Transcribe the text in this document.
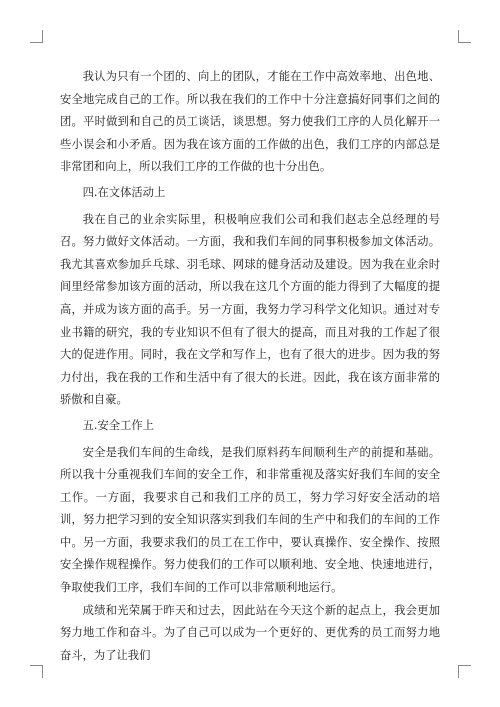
我认为只有一个团的、向上的团队，才能在工作中高效率地、出色地、安全地完成自己的工作。所以我在我们的工作中十分注意搞好同事们之间的团。平时做到和自己的员工谈话，谈思想。努力使我们工序的人员化解开一些小误会和小矛盾。因为我在该方面的工作做的出色，我们工序的内部总是非常团和向上，所以我们工序的工作做的也十分出色。

四.在文体活动上

我在自己的业余实际里，积极响应我们公司和我们赵志全总经理的号召。努力做好文体活动。一方面，我和我们车间的同事积极参加文体活动。我尤其喜欢参加乒乓球、羽毛球、网球的健身活动及建设。因为我在业余时间里经常参加该方面的活动，所以我在这几个方面的能力得到了大幅度的提高，并成为该方面的高手。另一方面，我努力学习科学文化知识。通过对专业书籍的研究，我的专业知识不但有了很大的提高，而且对我的工作起了很大的促进作用。同时，我在文学和写作上，也有了很大的进步。因为我的努力付出，我在我的工作和生活中有了很大的长进。因此，我在该方面非常的骄傲和自豪。

五.安全工作上

安全是我们车间的生命线，是我们原料药车间顺利生产的前提和基础。所以我十分重视我们车间的安全工作，和非常重视及落实好我们车间的安全工作。一方面，我要求自己和我们工序的员工，努力学习好安全活动的培训，努力把学习到的安全知识落实到我们车间的生产中和我们的车间的工作中。另一方面，我要求我们的员工在工作中，要认真操作、安全操作、按照安全操作规程操作。努力使我们的工作可以顺利地、安全地、快速地进行，争取使我们工序，我们车间的工作可以非常顺利地运行。

成绩和光荣属于昨天和过去，因此站在今天这个新的起点上，我会更加努力地工作和奋斗。为了自己可以成为一个更好的、更优秀的员工而努力地奋斗，为了让我们
